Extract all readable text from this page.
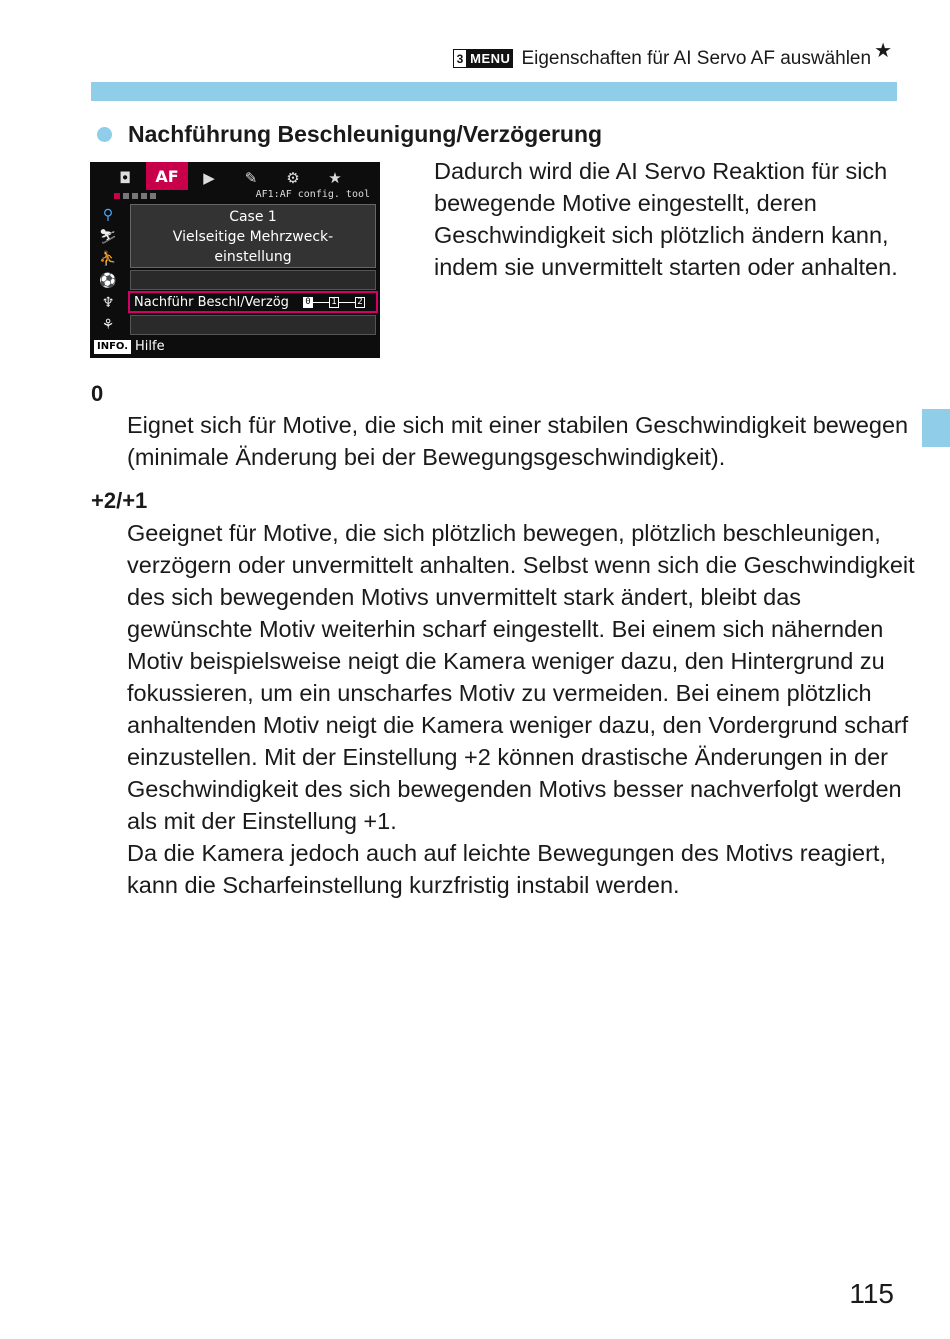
3 MENU Eigenschaften für AI Servo AF auswählen ★
Nachführung Beschleunigung/Verzögerung
◘	AF	▶	✎	⚙	★
AF1:AF config. tool
⚲
⛷
⛹
⚽
♆
⚘
Case 1
Vielseitige Mehrzweck-
einstellung
Nachführ Beschl/Verzög 0 1 2
INFO. Hilfe
Dadurch wird die AI Servo Reaktion für sich bewegende Motive eingestellt, deren Geschwindigkeit sich plötzlich ändern kann, indem sie unvermittelt starten oder anhalten.
0
Eignet sich für Motive, die sich mit einer stabilen Geschwindigkeit bewegen (minimale Änderung bei der Bewegungsgeschwindigkeit).
+2/+1
Geeignet für Motive, die sich plötzlich bewegen, plötzlich beschleunigen, verzögern oder unvermittelt anhalten. Selbst wenn sich die Geschwindigkeit des sich bewegenden Motivs unvermittelt stark ändert, bleibt das gewünschte Motiv weiterhin scharf eingestellt. Bei einem sich nähernden Motiv beispielsweise neigt die Kamera weniger dazu, den Hintergrund zu fokussieren, um ein unscharfes Motiv zu vermeiden. Bei einem plötzlich anhaltenden Motiv neigt die Kamera weniger dazu, den Vordergrund scharf einzustellen. Mit der Einstellung +2 können drastische Änderungen in der Geschwindigkeit des sich bewegenden Motivs besser nachverfolgt werden als mit der Einstellung +1.
Da die Kamera jedoch auch auf leichte Bewegungen des Motivs reagiert, kann die Scharfeinstellung kurzfristig instabil werden.
115
